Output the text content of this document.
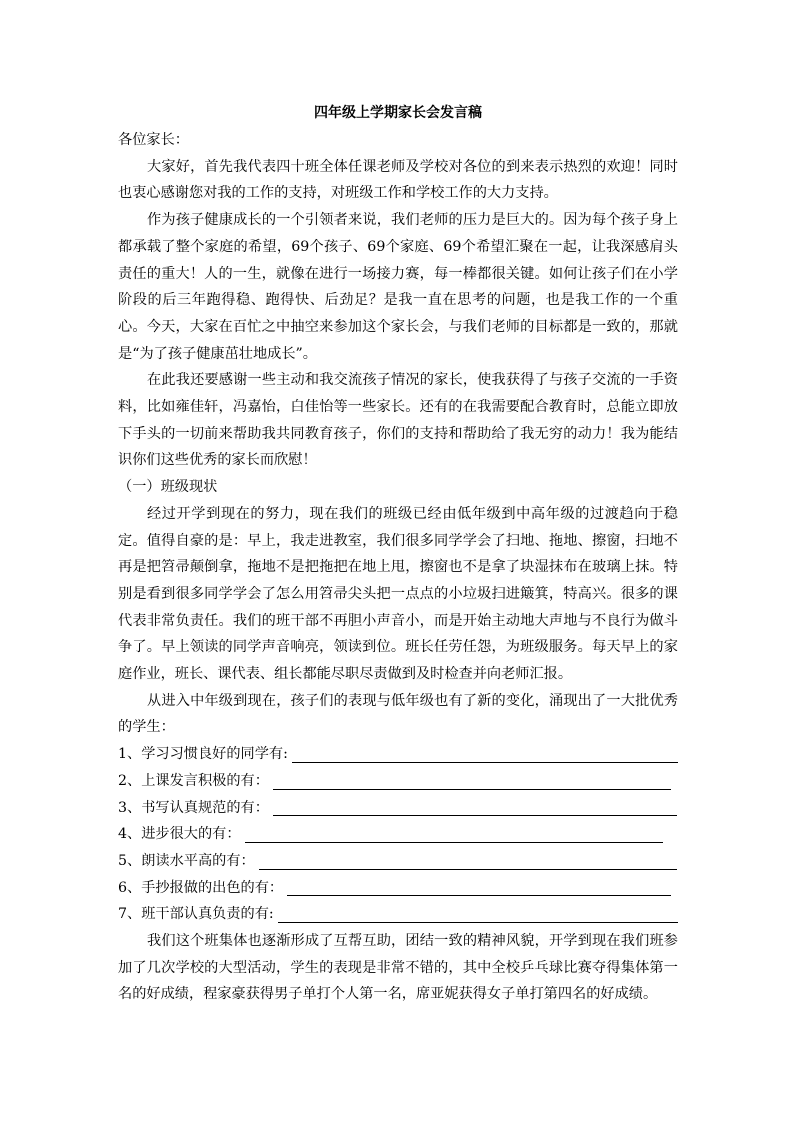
四年级上学期家长会发言稿
各位家长：

大家好，首先我代表四十班全体任课老师及学校对各位的到来表示热烈的欢迎！同时也衷心感谢您对我的工作的支持，对班级工作和学校工作的大力支持。

作为孩子健康成长的一个引领者来说，我们老师的压力是巨大的。因为每个孩子身上都承载了整个家庭的希望，69个孩子、69个家庭、69个希望汇聚在一起，让我深感肩头责任的重大！人的一生，就像在进行一场接力赛，每一棒都很关键。如何让孩子们在小学阶段的后三年跑得稳、跑得快、后劲足？是我一直在思考的问题，也是我工作的一个重心。今天，大家在百忙之中抽空来参加这个家长会，与我们老师的目标都是一致的，那就是“为了孩子健康茁壮地成长”。

在此我还要感谢一些主动和我交流孩子情况的家长，使我获得了与孩子交流的一手资料，比如雍佳轩，冯嘉怡，白佳怡等一些家长。还有的在我需要配合教育时，总能立即放下手头的一切前来帮助我共同教育孩子，你们的支持和帮助给了我无穷的动力！我为能结识你们这些优秀的家长而欣慰！

（一）班级现状

经过开学到现在的努力，现在我们的班级已经由低年级到中高年级的过渡趋向于稳定。值得自豪的是：早上，我走进教室，我们很多同学学会了扫地、拖地、擦窗，扫地不再是把笤帚颠倒拿，拖地不是把拖把在地上甩，擦窗也不是拿了块湿抹布在玻璃上抹。特别是看到很多同学学会了怎么用笤帚尖头把一点点的小垃圾扫进簸箕，特高兴。很多的课代表非常负责任。我们的班干部不再胆小声音小，而是开始主动地大声地与不良行为做斗争了。早上领读的同学声音响亮，领读到位。班长任劳任怨，为班级服务。每天早上的家庭作业，班长、课代表、组长都能尽职尽责做到及时检查并向老师汇报。

从进入中年级到现在，孩子们的表现与低年级也有了新的变化，涌现出了一大批优秀的学生：

1、学习习惯良好的同学有:
2、上课发言积极的有：
3、书写认真规范的有：
4、进步很大的有：
5、朗读水平高的有：
6、手抄报做的出色的有：
7、班干部认真负责的有:

我们这个班集体也逐渐形成了互帮互助，团结一致的精神风貌，开学到现在我们班参加了几次学校的大型活动，学生的表现是非常不错的，其中全校乒乓球比赛夺得集体第一名的好成绩，程家豪获得男子单打个人第一名，席亚妮获得女子单打第四名的好成绩。
